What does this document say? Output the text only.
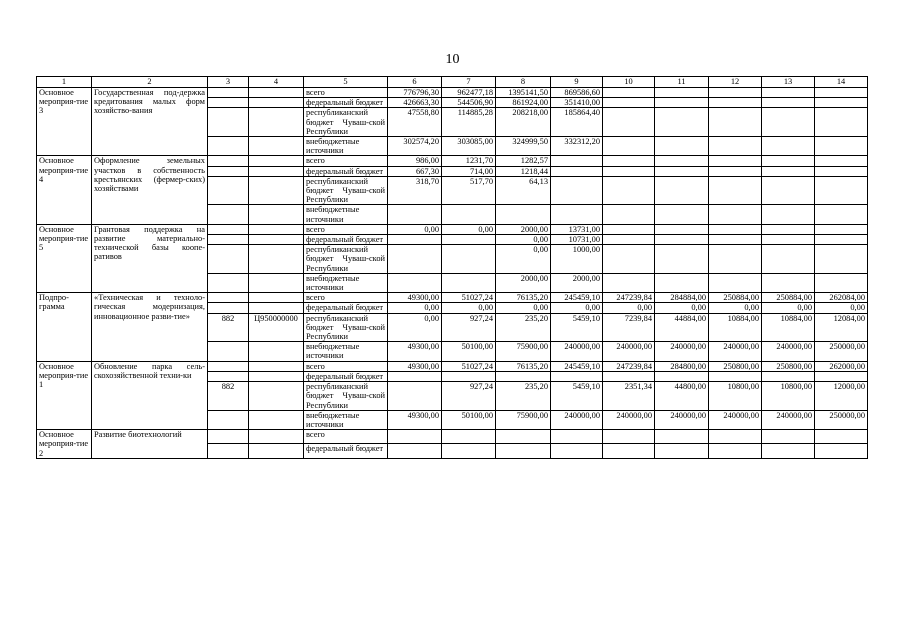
10
1	2	3	4	5	6	7	8	9	10	11	12	13	14
Основное мероприя-тие 3	Государственная под-держка кредитования малых форм хозяйство-вания			всего	776796,30	962477,18	1395141,50	869586,60					
				федеральный бюджет	426663,30	544506,90	861924,00	351410,00					
				республиканский бюджет Чуваш-ской Республики	47558,80	114885,28	208218,00	185864,40					
				внебюджетные источники	302574,20	303085,00	324999,50	332312,20					
Основное мероприя-тие 4	Оформление земельных участков в собственность крестьянских (фермер-ских) хозяйствами			всего	986,00	1231,70	1282,57						
				федеральный бюджет	667,30	714,00	1218,44						
				республиканский бюджет Чуваш-ской Республики	318,70	517,70	64,13						
				внебюджетные источники									
Основное мероприя-тие 5	Грантовая поддержка на развитие материально-технической базы коопе-ративов			всего	0,00	0,00	2000,00	13731,00					
				федеральный бюджет			0,00	10731,00					
				республиканский бюджет Чуваш-ской Республики			0,00	1000,00					
				внебюджетные источники			2000,00	2000,00					
Подпро-грамма	«Техническая и техноло-гическая модернизация, инновационное разви-тие»			всего	49300,00	51027,24	76135,20	245459,10	247239,84	284884,00	250884,00	250884,00	262084,00
				федеральный бюджет	0,00	0,00	0,00	0,00	0,00	0,00	0,00	0,00	0,00
		882	Ц950000000	республиканский бюджет Чуваш-ской Республики	0,00	927,24	235,20	5459,10	7239,84	44884,00	10884,00	10884,00	12084,00
				внебюджетные источники	49300,00	50100,00	75900,00	240000,00	240000,00	240000,00	240000,00	240000,00	250000,00
Основное мероприя-тие 1	Обновление парка сель-скохозяйственной техни-ки			всего	49300,00	51027,24	76135,20	245459,10	247239,84	284800,00	250800,00	250800,00	262000,00
				федеральный бюджет									
		882		республиканский бюджет Чуваш-ской Республики		927,24	235,20	5459,10	2351,34	44800,00	10800,00	10800,00	12000,00
				внебюджетные источники	49300,00	50100,00	75900,00	240000,00	240000,00	240000,00	240000,00	240000,00	250000,00
Основное мероприя-тие 2	Развитие биотехнологий			всего									
				федеральный бюджет									
